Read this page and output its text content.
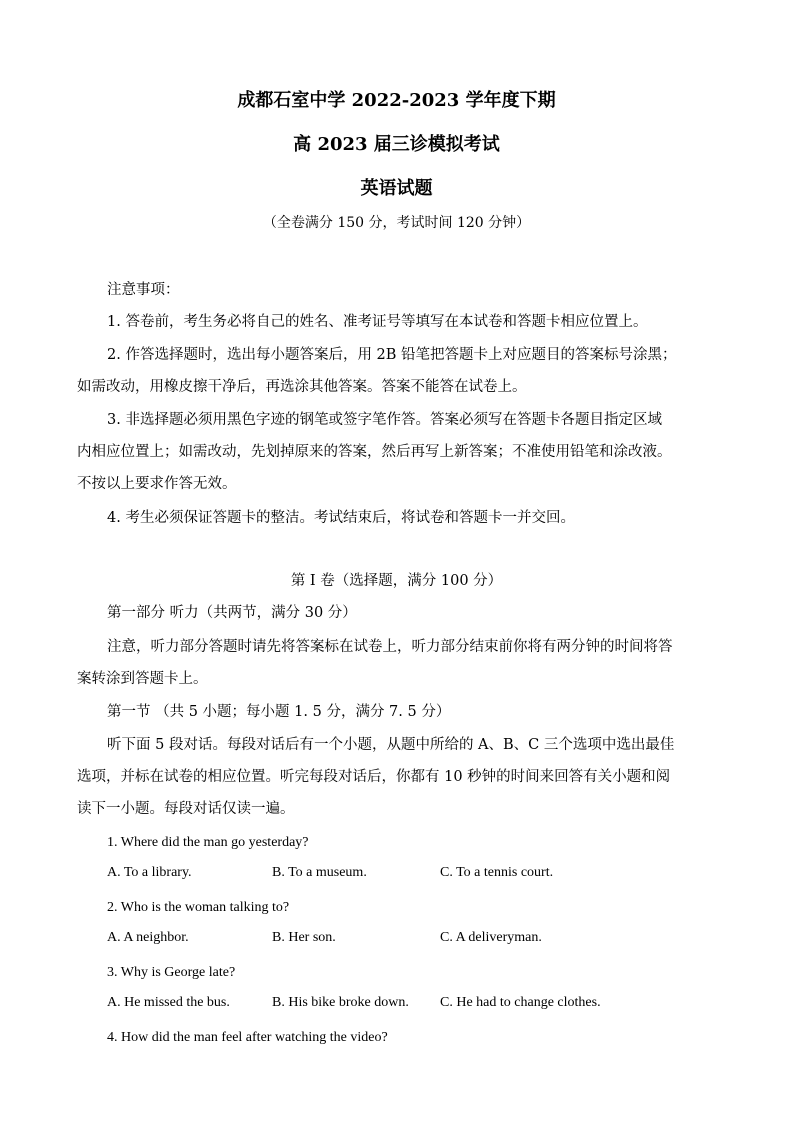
成都石室中学 2022-2023 学年度下期
高 2023 届三诊模拟考试
英语试题

（全卷满分 150 分，考试时间 120 分钟）

注意事项：

1. 答卷前，考生务必将自己的姓名、准考证号等填写在本试卷和答题卡相应位置上。

2. 作答选择题时，选出每小题答案后，用 2B 铅笔把答题卡上对应题目的答案标号涂黑；

如需改动，用橡皮擦干净后，再选涂其他答案。答案不能答在试卷上。

3. 非选择题必须用黑色字迹的钢笔或签字笔作答。答案必须写在答题卡各题目指定区域

内相应位置上；如需改动，先划掉原来的答案，然后再写上新答案；不准使用铅笔和涂改液。

不按以上要求作答无效。

4. 考生必须保证答题卡的整洁。考试结束后，将试卷和答题卡一并交回。

第 I 卷（选择题，满分 100 分）

第一部分 听力（共两节，满分 30 分）

注意，听力部分答题时请先将答案标在试卷上，听力部分结束前你将有两分钟的时间将答

案转涂到答题卡上。

第一节 （共 5 小题；每小题 1. 5 分，满分 7. 5 分）

听下面 5 段对话。每段对话后有一个小题，从题中所给的 A、B、C 三个选项中选出最佳

选项，并标在试卷的相应位置。听完每段对话后，你都有 10 秒钟的时间来回答有关小题和阅

读下一小题。每段对话仅读一遍。

1. Where did the man go yesterday?

A. To a library.	B. To a museum.	C. To a tennis court.

2. Who is the woman talking to?

A. A neighbor.	B. Her son.	C. A deliveryman.

3. Why is George late?

A. He missed the bus.	B. His bike broke down. C. He had to change clothes.

4. How did the man feel after watching the video?
